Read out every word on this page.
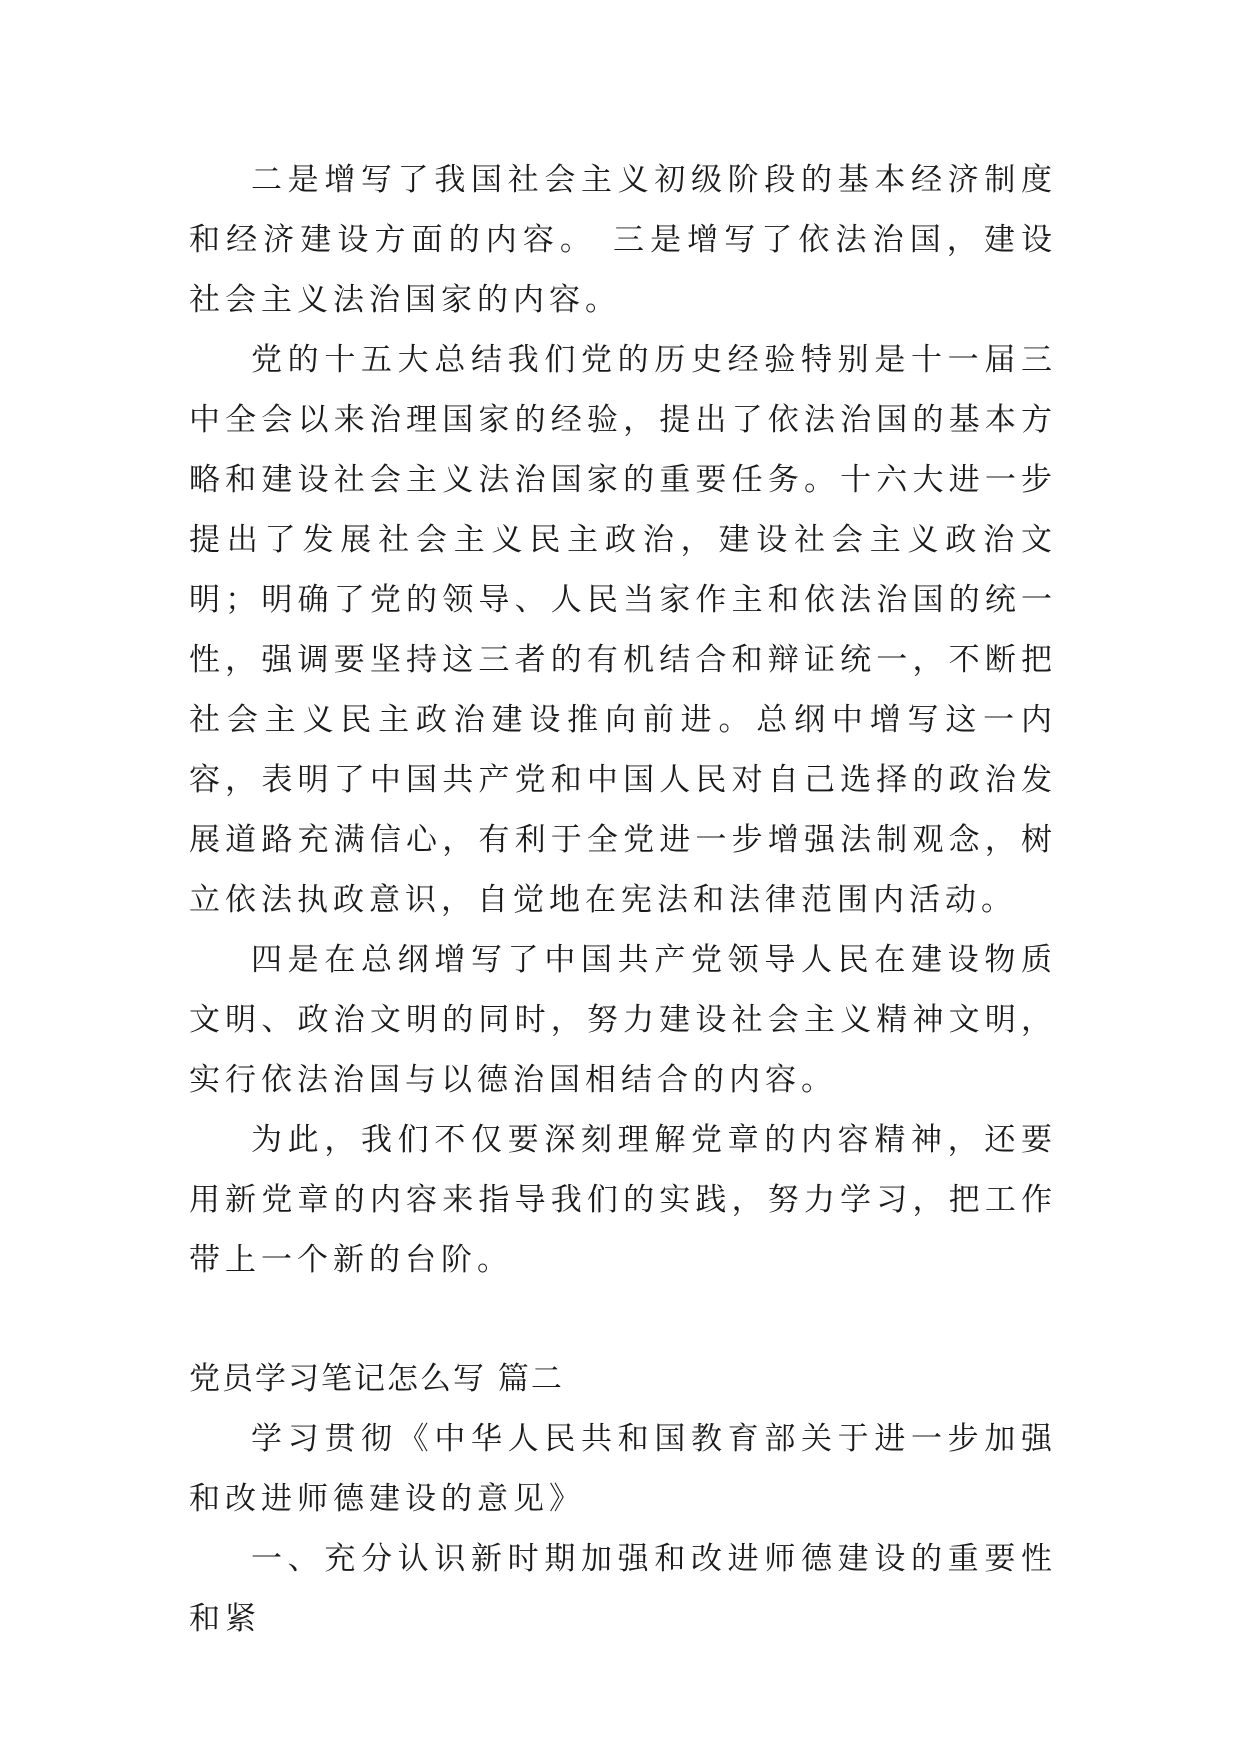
二是增写了我国社会主义初级阶段的基本经济制度和经济建设方面的内容。 三是增写了依法治国，建设社会主义法治国家的内容。

党的十五大总结我们党的历史经验特别是十一届三中全会以来治理国家的经验，提出了依法治国的基本方略和建设社会主义法治国家的重要任务。十六大进一步提出了发展社会主义民主政治，建设社会主义政治文明；明确了党的领导、人民当家作主和依法治国的统一性，强调要坚持这三者的有机结合和辩证统一，不断把社会主义民主政治建设推向前进。总纲中增写这一内容，表明了中国共产党和中国人民对自己选择的政治发展道路充满信心，有利于全党进一步增强法制观念，树立依法执政意识，自觉地在宪法和法律范围内活动。

四是在总纲增写了中国共产党领导人民在建设物质文明、政治文明的同时，努力建设社会主义精神文明，实行依法治国与以德治国相结合的内容。

为此，我们不仅要深刻理解党章的内容精神，还要用新党章的内容来指导我们的实践，努力学习，把工作带上一个新的台阶。

党员学习笔记怎么写 篇二

学习贯彻《中华人民共和国教育部关于进一步加强和改进师德建设的意见》

一、充分认识新时期加强和改进师德建设的重要性和紧
